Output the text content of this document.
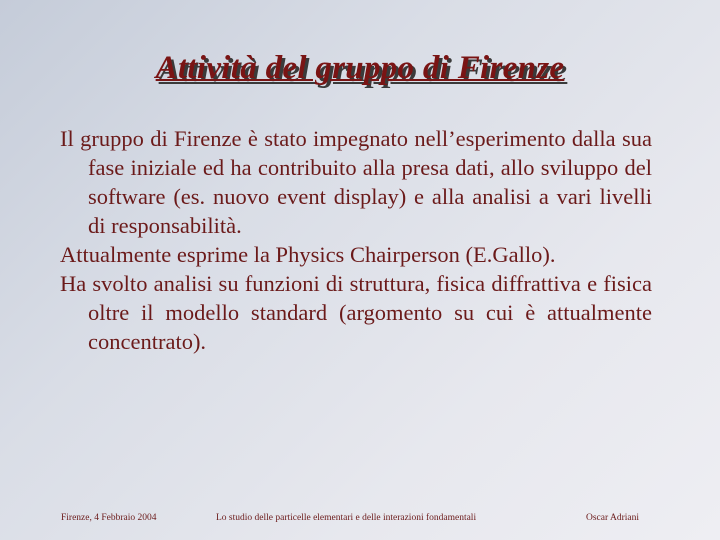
Attività del gruppo di Firenze

Il gruppo di Firenze è stato impegnato nell’esperimento dalla sua fase iniziale ed ha contribuito alla presa dati, allo sviluppo del software (es. nuovo event display) e alla analisi a vari livelli di responsabilità.

Attualmente esprime la Physics Chairperson (E.Gallo).

Ha svolto analisi su funzioni di struttura, fisica diffrattiva e fisica oltre il modello standard (argomento su cui è attualmente concentrato).

Firenze, 4 Febbraio 2004	Lo studio delle particelle elementari e delle interazioni fondamentali	Oscar Adriani
